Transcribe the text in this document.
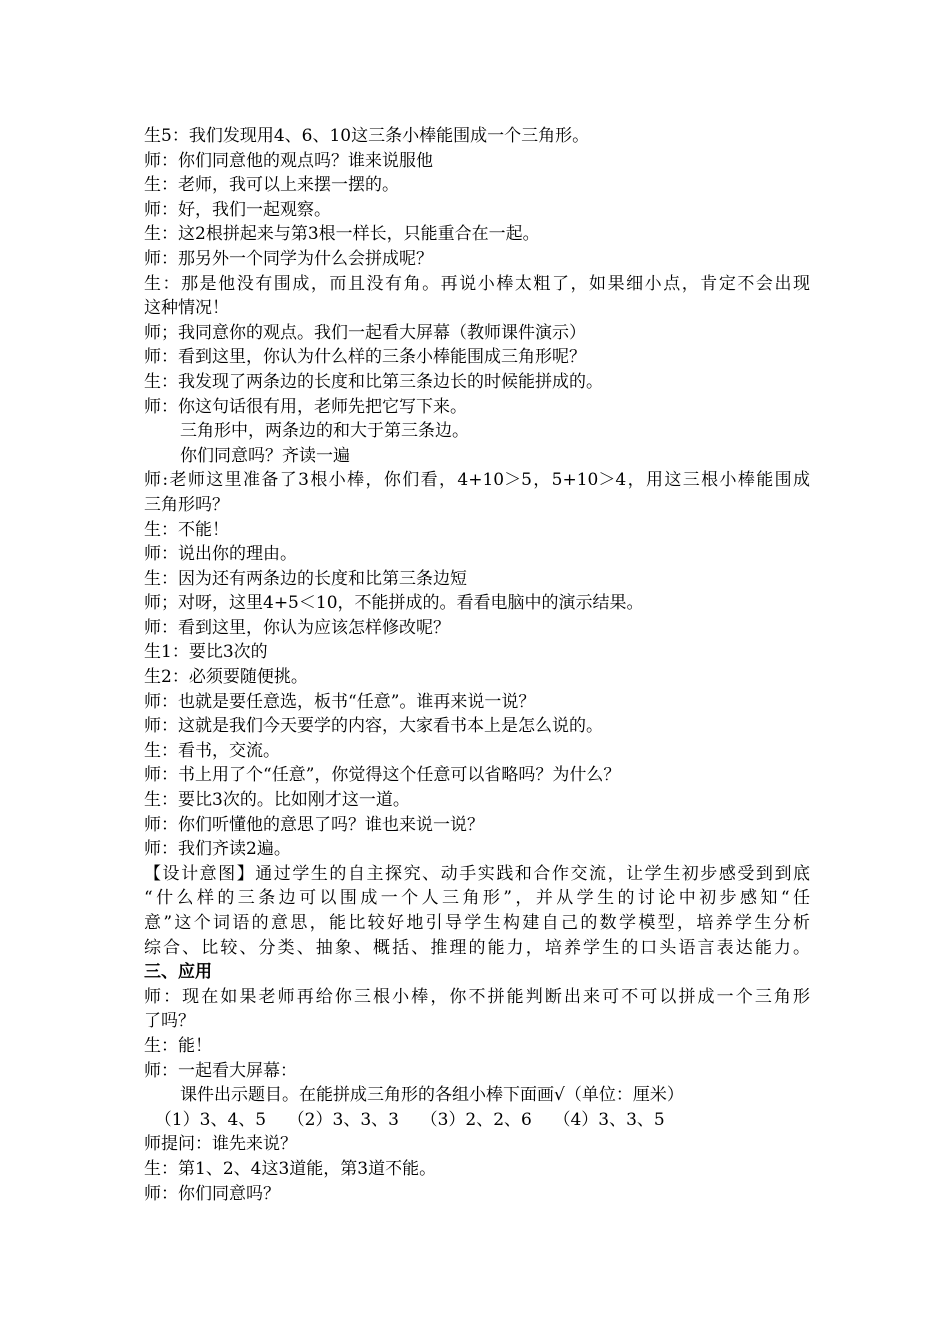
生5：我们发现用4、6、10这三条小棒能围成一个三角形。
师：你们同意他的观点吗？谁来说服他
生：老师，我可以上来摆一摆的。
师：好，我们一起观察。
生：这2根拼起来与第3根一样长，只能重合在一起。
师：那另外一个同学为什么会拼成呢？
生：那是他没有围成，而且没有角。再说小棒太粗了，如果细小点，肯定不会出现
这种情况！
师；我同意你的观点。我们一起看大屏幕（教师课件演示）
师：看到这里，你认为什么样的三条小棒能围成三角形呢？
生：我发现了两条边的长度和比第三条边长的时候能拼成的。
师：你这句话很有用，老师先把它写下来。
三角形中，两条边的和大于第三条边。
你们同意吗？齐读一遍
师:老师这里准备了3根小棒，你们看，4+10＞5，5+10＞4，用这三根小棒能围成
三角形吗？
生：不能！
师：说出你的理由。
生：因为还有两条边的长度和比第三条边短
师；对呀，这里4+5＜10，不能拼成的。看看电脑中的演示结果。
师：看到这里，你认为应该怎样修改呢？
生1：要比3次的
生2：必须要随便挑。
师：也就是要任意选，板书“任意”。谁再来说一说？
师：这就是我们今天要学的内容，大家看书本上是怎么说的。
生：看书，交流。
师：书上用了个“任意”，你觉得这个任意可以省略吗？为什么？
生：要比3次的。比如刚才这一道。
师：你们听懂他的意思了吗？谁也来说一说？
师：我们齐读2遍。
【设计意图】通过学生的自主探究、动手实践和合作交流，让学生初步感受到到底
“什么样的三条边可以围成一个人三角形”，并从学生的讨论中初步感知“任
意”这个词语的意思，能比较好地引导学生构建自己的数学模型，培养学生分析
综合、比较、分类、抽象、概括、推理的能力，培养学生的口头语言表达能力。
三、应用
师：现在如果老师再给你三根小棒，你不拼能判断出来可不可以拼成一个三角形
了吗？
生：能！
师：一起看大屏幕：
课件出示题目。在能拼成三角形的各组小棒下面画√（单位：厘米）
（1）3、4、5    （2）3、3、3    （3）2、2、6    （4）3、3、5
师提问：谁先来说？
生：第1、2、4这3道能，第3道不能。
师：你们同意吗？
